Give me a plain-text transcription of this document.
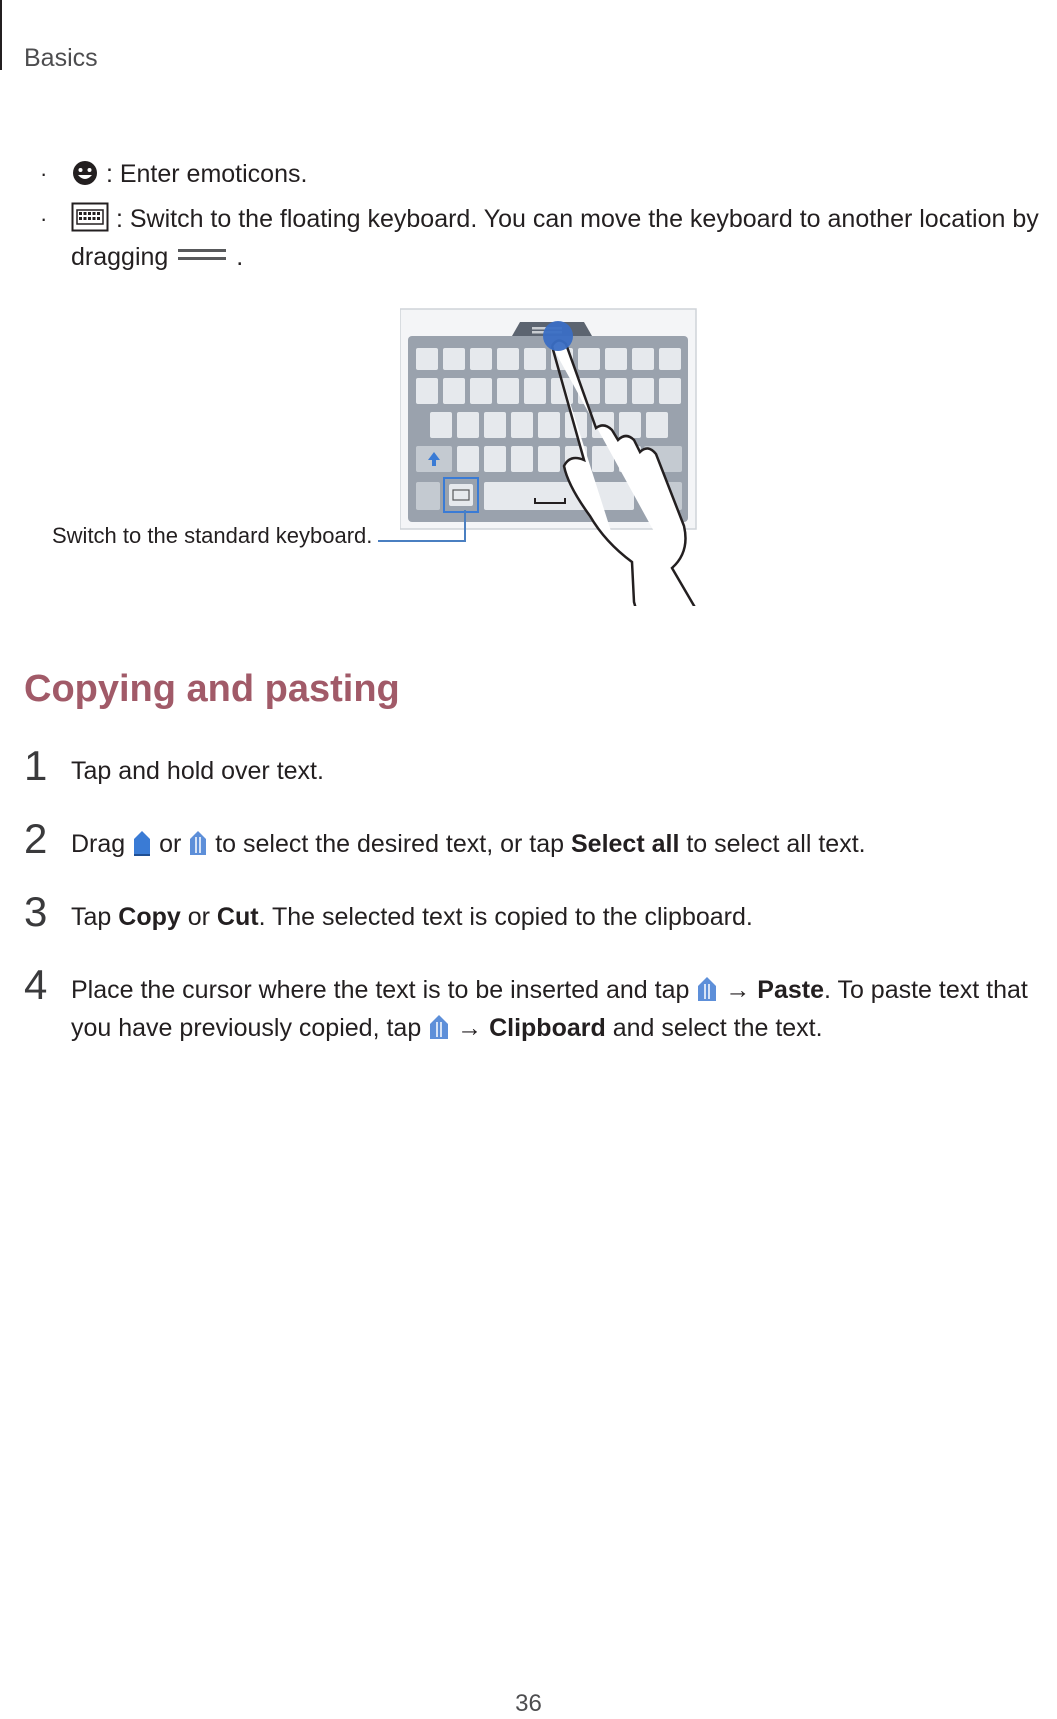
Basics
·	: Enter emoticons.
·	: Switch to the floating keyboard. You can move the keyboard to another location by
dragging	.
Switch to the standard keyboard.
Copying and pasting
1 Tap and hold over text.
2 Drag or to select the desired text, or tap Select all to select all text.
3 Tap Copy or Cut. The selected text is copied to the clipboard.
4 Place the cursor where the text is to be inserted and tap → Paste. To paste text that
you have previously copied, tap → Clipboard and select the text.
36
